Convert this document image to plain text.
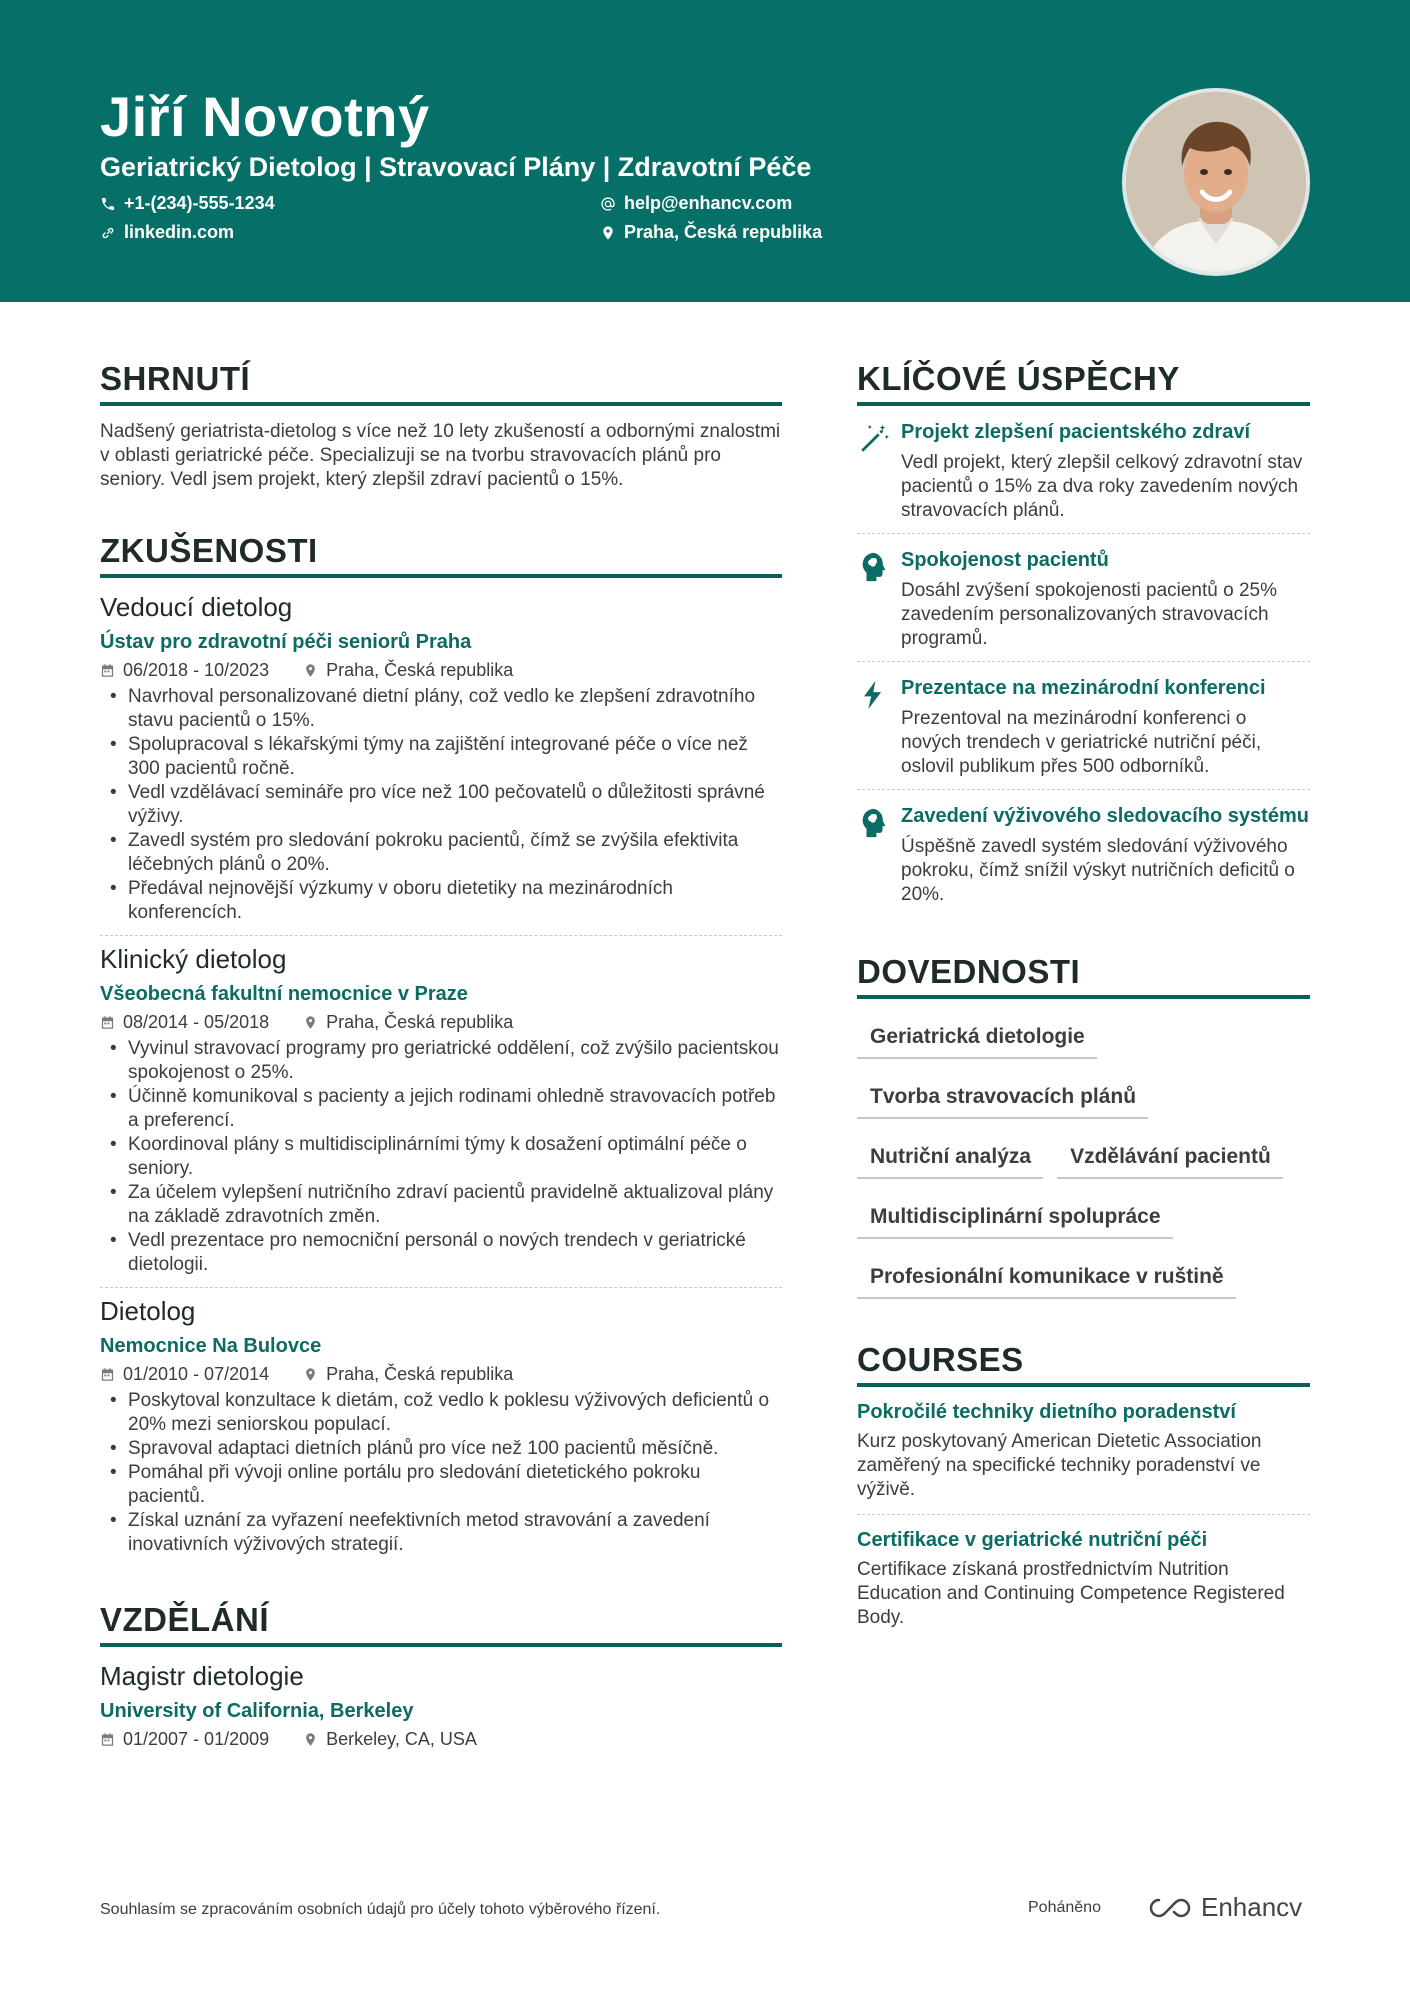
Jiří Novotný
Geriatrický Dietolog | Stravovací Plány | Zdravotní Péče
+1-(234)-555-1234	help@enhancv.com
linkedin.com	Praha, Česká republika
SHRNUTÍ
Nadšený geriatrista-dietolog s více než 10 lety zkušeností a odbornými znalostmi v oblasti geriatrické péče. Specializuji se na tvorbu stravovacích plánů pro seniory. Vedl jsem projekt, který zlepšil zdraví pacientů o 15%.
ZKUŠENOSTI
Vedoucí dietolog
Ústav pro zdravotní péči seniorů Praha
06/2018 - 10/2023	Praha, Česká republika
• Navrhoval personalizované dietní plány, což vedlo ke zlepšení zdravotního stavu pacientů o 15%.
• Spolupracoval s lékařskými týmy na zajištění integrované péče o více než 300 pacientů ročně.
• Vedl vzdělávací semináře pro více než 100 pečovatelů o důležitosti správné výživy.
• Zavedl systém pro sledování pokroku pacientů, čímž se zvýšila efektivita léčebných plánů o 20%.
• Předával nejnovější výzkumy v oboru dietetiky na mezinárodních konferencích.
Klinický dietolog
Všeobecná fakultní nemocnice v Praze
08/2014 - 05/2018	Praha, Česká republika
• Vyvinul stravovací programy pro geriatrické oddělení, což zvýšilo pacientskou spokojenost o 25%.
• Účinně komunikoval s pacienty a jejich rodinami ohledně stravovacích potřeb a preferencí.
• Koordinoval plány s multidisciplinárními týmy k dosažení optimální péče o seniory.
• Za účelem vylepšení nutričního zdraví pacientů pravidelně aktualizoval plány na základě zdravotních změn.
• Vedl prezentace pro nemocniční personál o nových trendech v geriatrické dietologii.
Dietolog
Nemocnice Na Bulovce
01/2010 - 07/2014	Praha, Česká republika
• Poskytoval konzultace k dietám, což vedlo k poklesu výživových deficientů o 20% mezi seniorskou populací.
• Spravoval adaptaci dietních plánů pro více než 100 pacientů měsíčně.
• Pomáhal při vývoji online portálu pro sledování dietetického pokroku pacientů.
• Získal uznání za vyřazení neefektivních metod stravování a zavedení inovativních výživových strategií.
VZDĚLÁNÍ
Magistr dietologie
University of California, Berkeley
01/2007 - 01/2009	Berkeley, CA, USA
KLÍČOVÉ ÚSPĚCHY
Projekt zlepšení pacientského zdraví
Vedl projekt, který zlepšil celkový zdravotní stav pacientů o 15% za dva roky zavedením nových stravovacích plánů.
Spokojenost pacientů
Dosáhl zvýšení spokojenosti pacientů o 25% zavedením personalizovaných stravovacích programů.
Prezentace na mezinárodní konferenci
Prezentoval na mezinárodní konferenci o nových trendech v geriatrické nutriční péči, oslovil publikum přes 500 odborníků.
Zavedení výživového sledovacího systému
Úspěšně zavedl systém sledování výživového pokroku, čímž snížil výskyt nutričních deficitů o 20%.
DOVEDNOSTI
Geriatrická dietologie
Tvorba stravovacích plánů
Nutriční analýza	Vzdělávání pacientů
Multidisciplinární spolupráce
Profesionální komunikace v ruštině
COURSES
Pokročilé techniky dietního poradenství
Kurz poskytovaný American Dietetic Association zaměřený na specifické techniky poradenství ve výživě.
Certifikace v geriatrické nutriční péči
Certifikace získaná prostřednictvím Nutrition Education and Continuing Competence Registered Body.
Souhlasím se zpracováním osobních údajů pro účely tohoto výběrového řízení.	Poháněno	Enhancv
